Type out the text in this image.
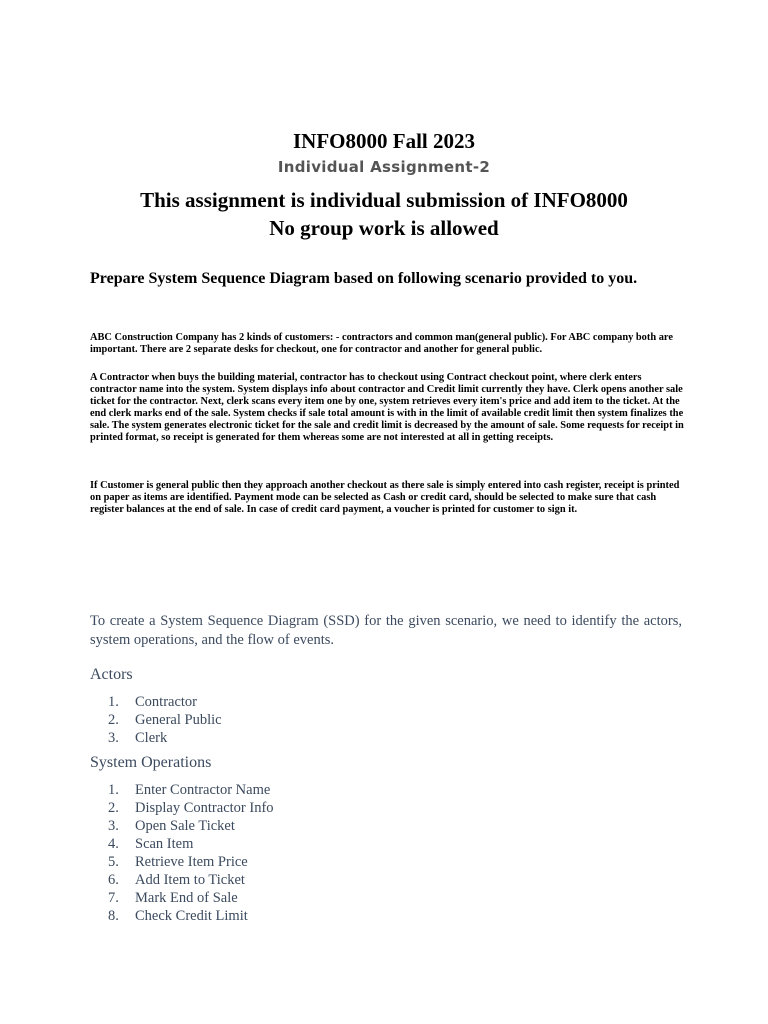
INFO8000 Fall 2023
Individual Assignment-2
This assignment is individual submission of INFO8000
No group work is allowed
Prepare System Sequence Diagram based on following scenario provided to you.

ABC Construction Company has 2 kinds of customers: - contractors and common man(general public). For ABC company both are important. There are 2 separate desks for checkout, one for contractor and another for general public.

A Contractor when buys the building material, contractor has to checkout using Contract checkout point, where clerk enters contractor name into the system. System displays info about contractor and Credit limit currently they have. Clerk opens another sale ticket for the contractor. Next, clerk scans every item one by one, system retrieves every item's price and add item to the ticket. At the end clerk marks end of the sale. System checks if sale total amount is with in the limit of available credit limit then system finalizes the sale. The system generates electronic ticket for the sale and credit limit is decreased by the amount of sale. Some requests for receipt in printed format, so receipt is generated for them whereas some are not interested at all in getting receipts.

If Customer is general public then they approach another checkout as there sale is simply entered into cash register, receipt is printed on paper as items are identified. Payment mode can be selected as Cash or credit card, should be selected to make sure that cash register balances at the end of sale. In case of credit card payment, a voucher is printed for customer to sign it.

To create a System Sequence Diagram (SSD) for the given scenario, we need to identify the actors, system operations, and the flow of events.
Actors
1.	Contractor
2.	General Public
3.	Clerk
System Operations
1.	Enter Contractor Name
2.	Display Contractor Info
3.	Open Sale Ticket
4.	Scan Item
5.	Retrieve Item Price
6.	Add Item to Ticket
7.	Mark End of Sale
8.	Check Credit Limit
